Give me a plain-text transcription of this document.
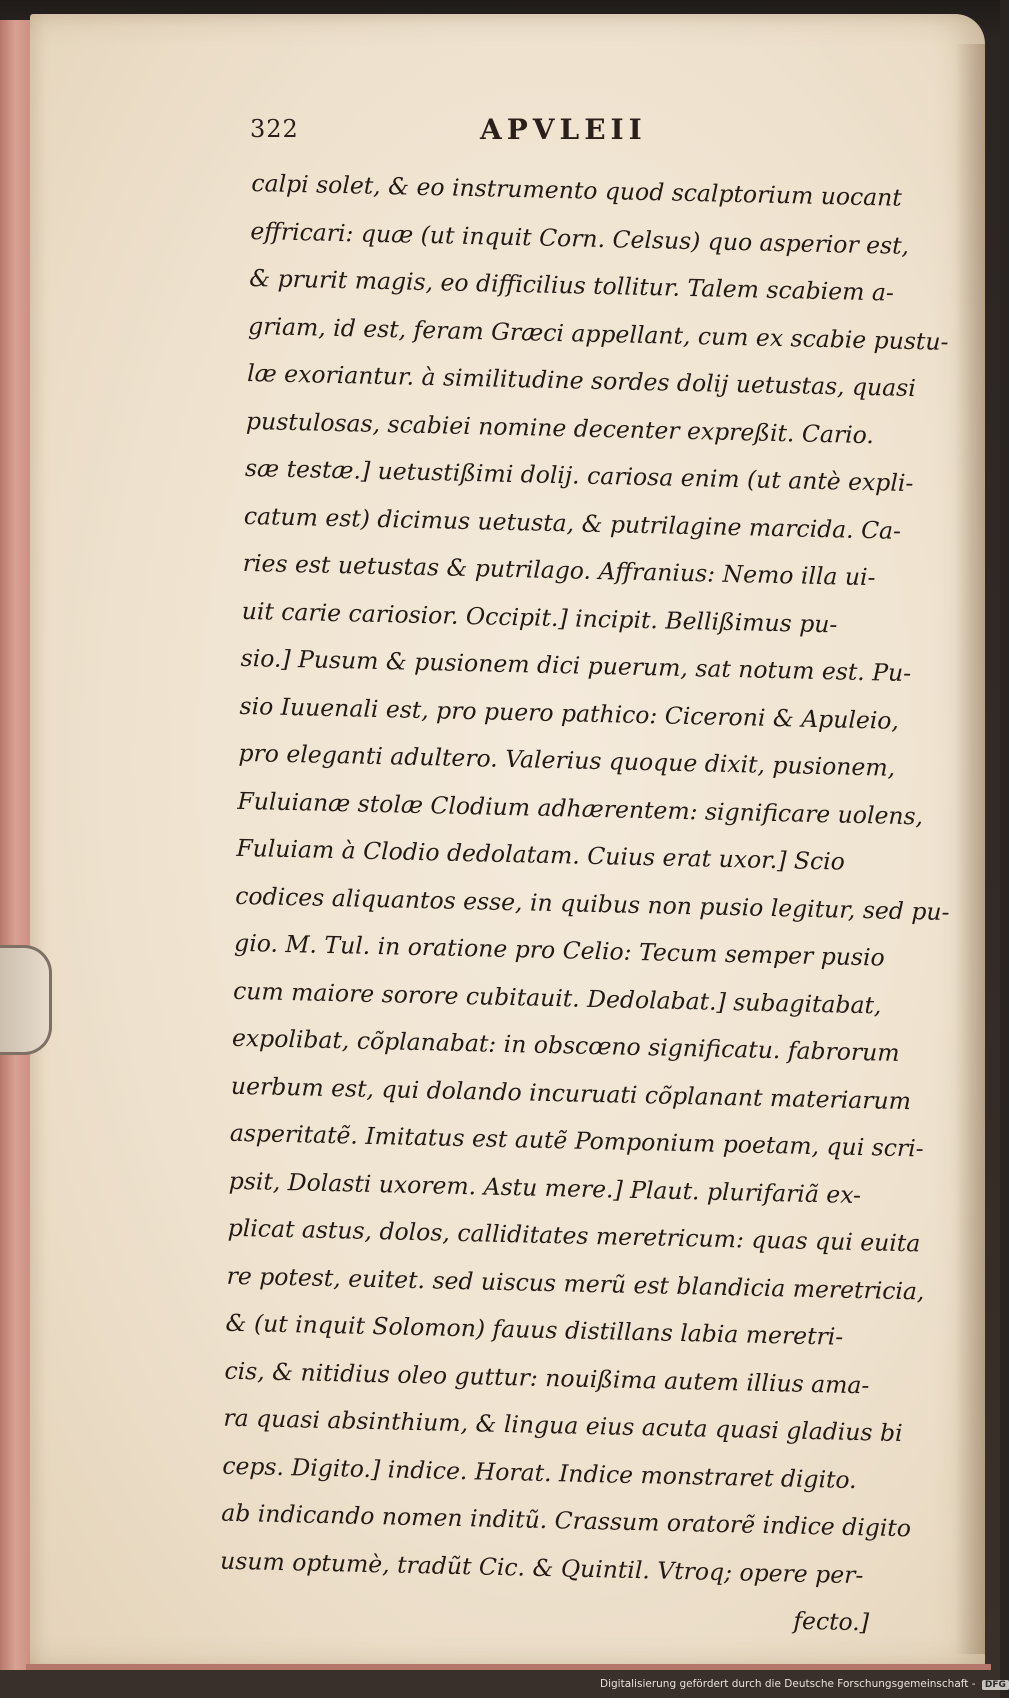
322	APVLEII
calpi solet, & eo instrumento quod scalptorium uocant
effricari: quæ (ut inquit Corn. Celsus) quo asperior est,
& prurit magis, eo difficilius tollitur. Talem scabiem a-
griam, id est, feram Græci appellant, cum ex scabie pustu-
læ exoriantur. à similitudine sordes dolij uetustas, quasi
pustulosas, scabiei nomine decenter expreßit. Cario.
sæ testæ.] uetustißimi dolij. cariosa enim (ut antè expli-
catum est) dicimus uetusta, & putrilagine marcida. Ca-
ries est uetustas & putrilago. Affranius: Nemo illa ui-
uit carie cariosior. Occipit.] incipit. Bellißimus pu-
sio.] Pusum & pusionem dici puerum, sat notum est. Pu-
sio Iuuenali est, pro puero pathico: Ciceroni & Apuleio,
pro eleganti adultero. Valerius quoque dixit, pusionem,
Fuluianæ stolæ Clodium adhærentem: significare uolens,
Fuluiam à Clodio dedolatam. Cuius erat uxor.] Scio
codices aliquantos esse, in quibus non pusio legitur, sed pu-
gio. M. Tul. in oratione pro Celio: Tecum semper pusio
cum maiore sorore cubitauit. Dedolabat.] subagitabat,
expolibat, cõplanabat: in obscœno significatu. fabrorum
uerbum est, qui dolando incuruati cõplanant materiarum
asperitatẽ. Imitatus est autẽ Pomponium poetam, qui scri-
psit, Dolasti uxorem. Astu mere.] Plaut. plurifariã ex-
plicat astus, dolos, calliditates meretricum: quas qui euita
re potest, euitet. sed uiscus merũ est blandicia meretricia,
& (ut inquit Solomon) fauus distillans labia meretri-
cis, & nitidius oleo guttur: nouißima autem illius ama-
ra quasi absinthium, & lingua eius acuta quasi gladius bi
ceps. Digito.] indice. Horat. Indice monstraret digito.
ab indicando nomen inditũ. Crassum oratorẽ indice digito
usum optumè, tradũt Cic. & Quintil. Vtroq; opere per-
fecto.]
Digitalisierung gefördert durch die Deutsche Forschungsgemeinschaft - DFG
